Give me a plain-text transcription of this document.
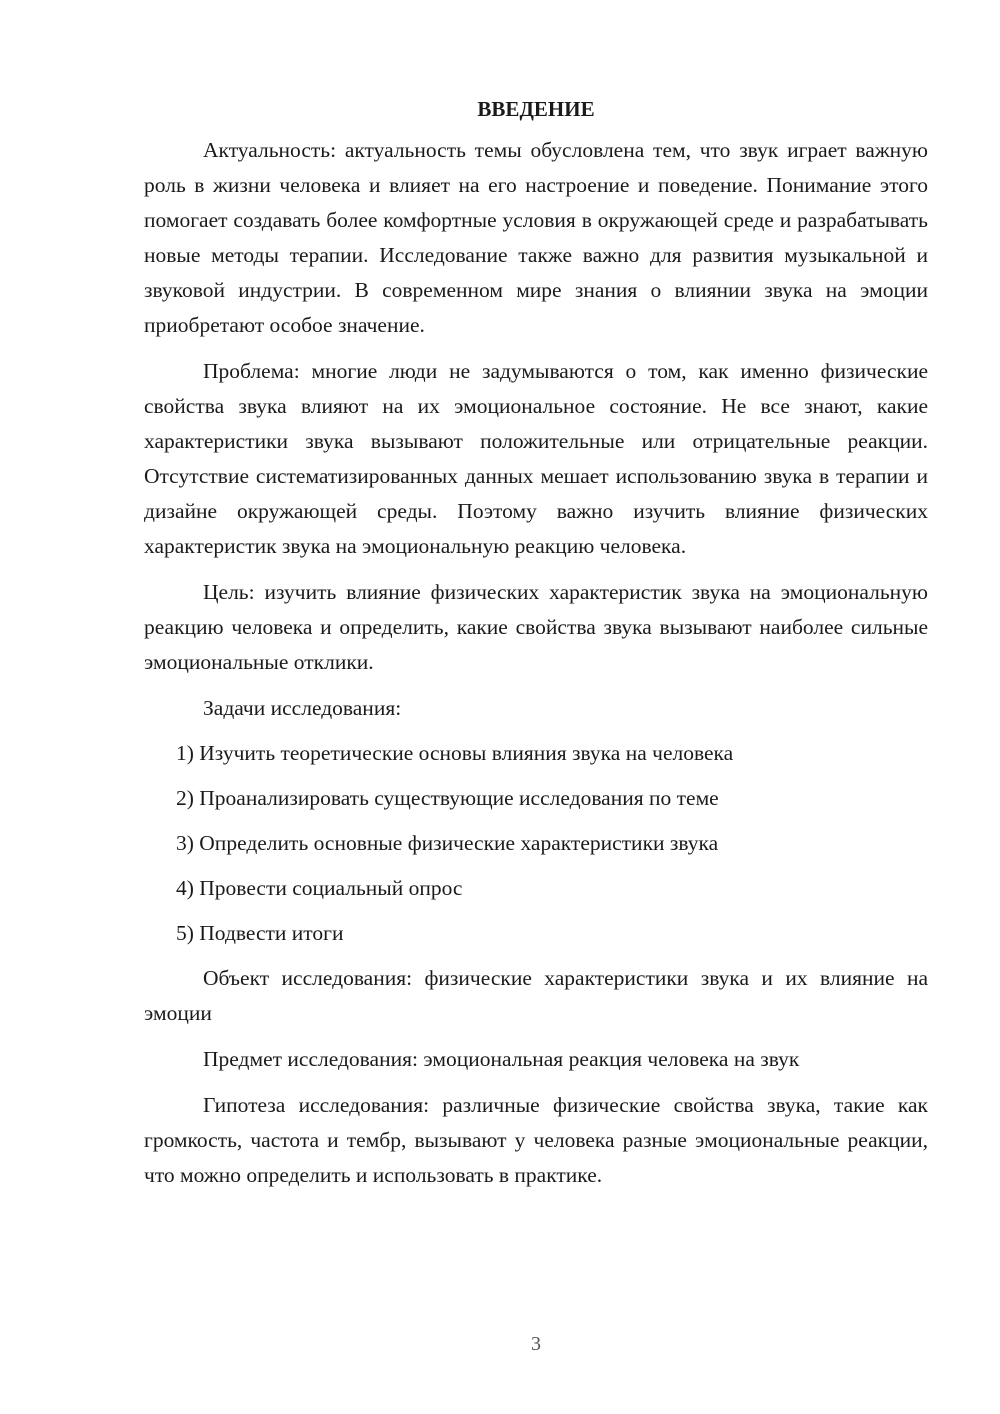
ВВЕДЕНИЕ

Актуальность: актуальность темы обусловлена тем, что звук играет важную роль в жизни человека и влияет на его настроение и поведение. Понимание этого помогает создавать более комфортные условия в окружающей среде и разрабатывать новые методы терапии. Исследование также важно для развития музыкальной и звуковой индустрии. В современном мире знания о влиянии звука на эмоции приобретают особое значение.

Проблема: многие люди не задумываются о том, как именно физические свойства звука влияют на их эмоциональное состояние. Не все знают, какие характеристики звука вызывают положительные или отрицательные реакции. Отсутствие систематизированных данных мешает использованию звука в терапии и дизайне окружающей среды. Поэтому важно изучить влияние физических характеристик звука на эмоциональную реакцию человека.

Цель: изучить влияние физических характеристик звука на эмоциональную реакцию человека и определить, какие свойства звука вызывают наиболее сильные эмоциональные отклики.

Задачи исследования:

1) Изучить теоретические основы влияния звука на человека
2) Проанализировать существующие исследования по теме
3) Определить основные физические характеристики звука
4) Провести социальный опрос
5) Подвести итоги

Объект исследования: физические характеристики звука и их влияние на эмоции

Предмет исследования: эмоциональная реакция человека на звук

Гипотеза исследования: различные физические свойства звука, такие как громкость, частота и тембр, вызывают у человека разные эмоциональные реакции, что можно определить и использовать в практике.

3
